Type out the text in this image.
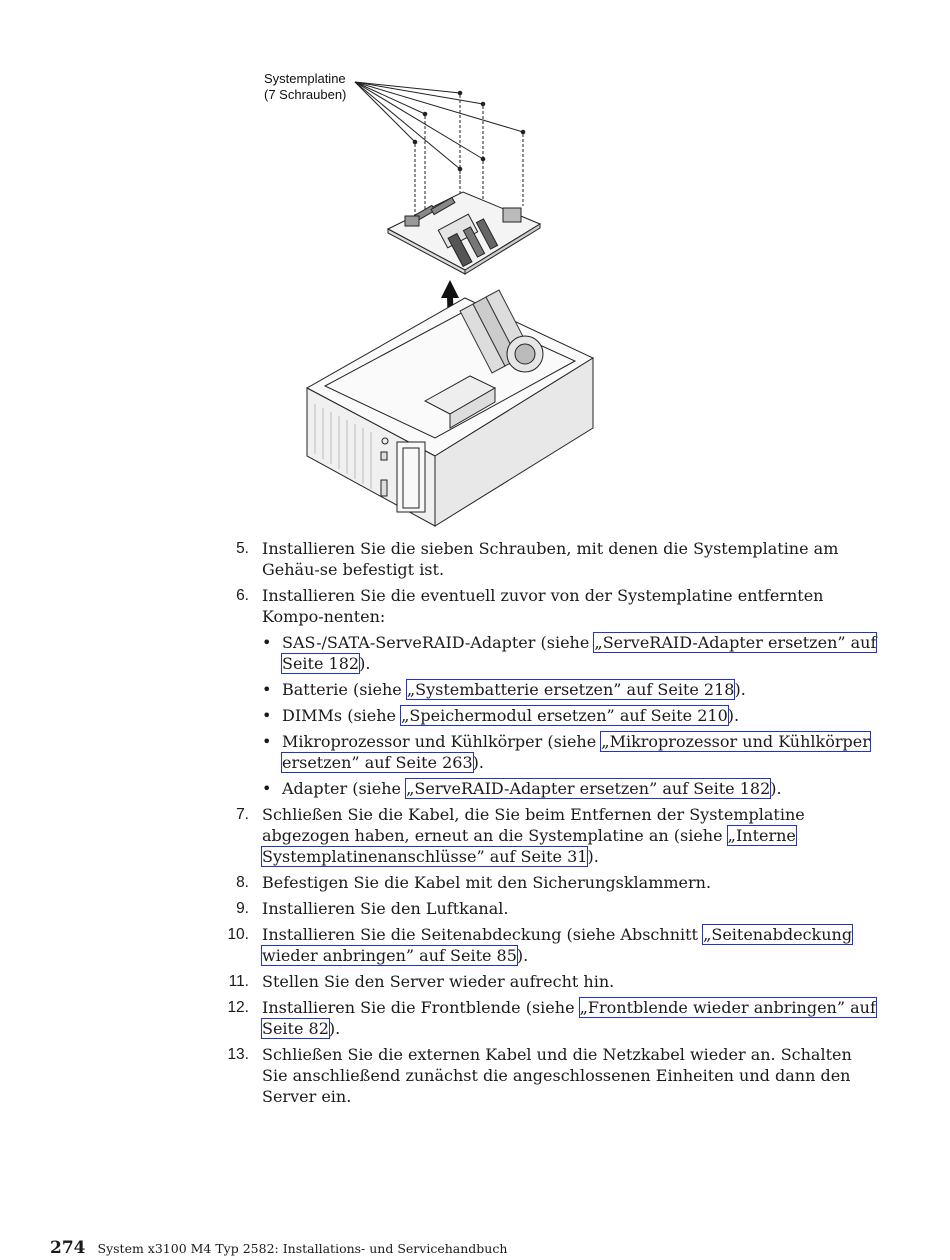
Systemplatine
(7 Schrauben)
5. Installieren Sie die sieben Schrauben, mit denen die Systemplatine am Gehäu-se befestigt ist.
6. Installieren Sie die eventuell zuvor von der Systemplatine entfernten Kompo-nenten:
• SAS-/SATA-ServeRAID-Adapter (siehe „ServeRAID-Adapter ersetzen” auf Seite 182).
• Batterie (siehe „Systembatterie ersetzen” auf Seite 218).
• DIMMs (siehe „Speichermodul ersetzen” auf Seite 210).
• Mikroprozessor und Kühlkörper (siehe „Mikroprozessor und Kühlkörper ersetzen” auf Seite 263).
• Adapter (siehe „ServeRAID-Adapter ersetzen” auf Seite 182).
7. Schließen Sie die Kabel, die Sie beim Entfernen der Systemplatine abgezogen haben, erneut an die Systemplatine an (siehe „Interne Systemplatinenanschlüsse” auf Seite 31).
8. Befestigen Sie die Kabel mit den Sicherungsklammern.
9. Installieren Sie den Luftkanal.
10. Installieren Sie die Seitenabdeckung (siehe Abschnitt „Seitenabdeckung wieder anbringen” auf Seite 85).
11. Stellen Sie den Server wieder aufrecht hin.
12. Installieren Sie die Frontblende (siehe „Frontblende wieder anbringen” auf Seite 82).
13. Schließen Sie die externen Kabel und die Netzkabel wieder an. Schalten Sie anschließend zunächst die angeschlossenen Einheiten und dann den Server ein.
274 System x3100 M4 Typ 2582: Installations- und Servicehandbuch
